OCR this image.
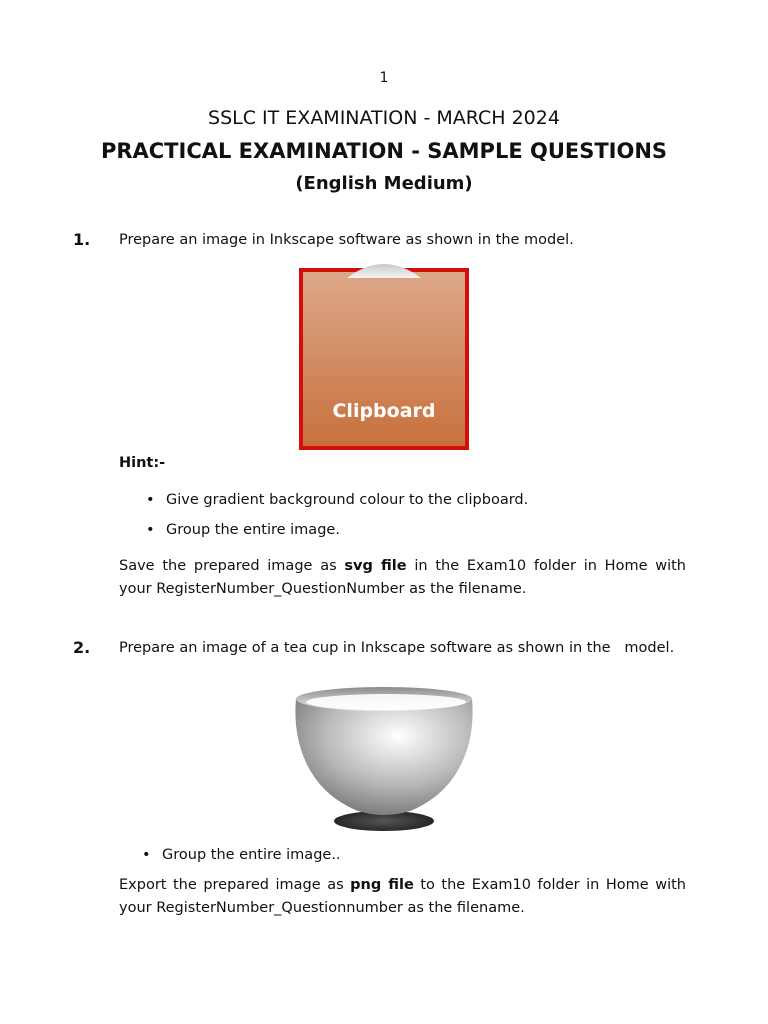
1
SSLC IT EXAMINATION - MARCH 2024
PRACTICAL EXAMINATION - SAMPLE QUESTIONS
(English Medium)
1. Prepare an image in Inkscape software as shown in the model.
Clipboard
Hint:-
• Give gradient background colour to the clipboard.
• Group the entire image.
Save the prepared image as svg file in the Exam10 folder in Home with
your RegisterNumber_QuestionNumber as the filename.
2. Prepare an image of a tea cup in Inkscape software as shown in the   model.
• Group the entire image..
Export the prepared image as png file to the Exam10 folder in Home with
your RegisterNumber_Questionnumber as the filename.
